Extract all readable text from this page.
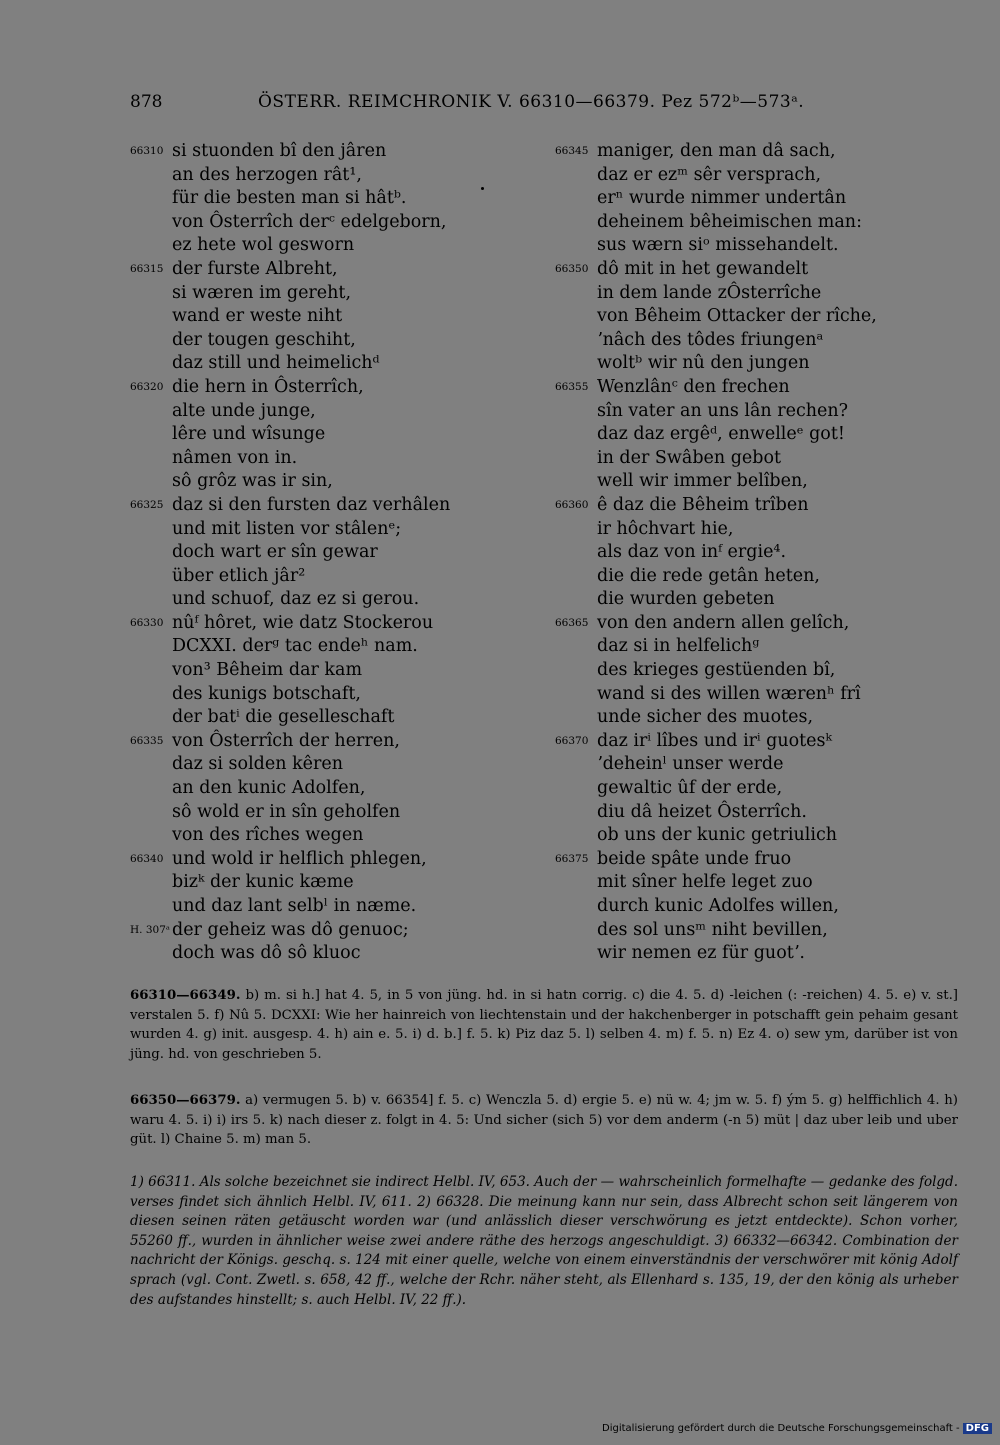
878	ÖSTERR. REIMCHRONIK V. 66310—66379. Pez 572ᵇ—573ᵃ.
66310 si stuonden bî den jâren
an des herzogen rât¹,
für die besten man si hâtᵇ.
von Ôsterrîch derᶜ edelgeborn,
ez hete wol gesworn
66315 der furste Albreht,
si wæren im gereht,
wand er weste niht
der tougen geschiht,
daz still und heimelichᵈ
66320 die hern in Ôsterrîch,
alte unde junge,
lêre und wîsunge
nâmen von in.
sô grôz was ir sin,
66325 daz si den fursten daz verhâlen
und mit listen vor stâlenᵉ;
doch wart er sîn gewar
über etlich jâr²
und schuof, daz ez si gerou.
66330 nûᶠ hôret, wie datz Stockerou
DCXXI. derᵍ tac endeʰ nam.
von³ Bêheim dar kam
des kunigs botschaft,
der batⁱ die geselleschaft
66335 von Ôsterrîch der herren,
daz si solden kêren
an den kunic Adolfen,
sô wold er in sîn geholfen
von des rîches wegen
66340 und wold ir helflich phlegen,
bizᵏ der kunic kæme
und daz lant selbˡ in næme.
H. 307ᵃ der geheiz was dô genuoc;
doch was dô sô kluoc
66345 maniger, den man dâ sach,
daz er ezᵐ sêr versprach,
erⁿ wurde nimmer undertân
deheinem bêheimischen man:
sus wærn siᵒ missehandelt.
66350 dô mit in het gewandelt
in dem lande zÔsterrîche
von Bêheim Ottacker der rîche,
ʼnâch des tôdes friungenᵃ
woltᵇ wir nû den jungen
66355 Wenzlânᶜ den frechen
sîn vater an uns lân rechen?
daz daz ergêᵈ, enwelleᵉ got!
in der Swâben gebot
well wir immer belîben,
66360 ê daz die Bêheim trîben
ir hôchvart hie,
als daz von inᶠ ergie⁴.
die die rede getân heten,
die wurden gebeten
66365 von den andern allen gelîch,
daz si in helfelichᵍ
des krieges gestüenden bî,
wand si des willen wærenʰ frî
unde sicher des muotes,
66370 daz irⁱ lîbes und irⁱ guotesᵏ
ʼdeheinˡ unser werde
gewaltic ûf der erde,
diu dâ heizet Ôsterrîch.
ob uns der kunic getriulich
66375 beide spâte unde fruo
mit sîner helfe leget zuo
durch kunic Adolfes willen,
des sol unsᵐ niht bevillen,
wir nemen ez für guotʼ.

66310—66349. b) m. si h.] hat 4. 5, in 5 von jüng. hd. in si hatn corrig. c) die 4. 5. d) -leichen (: -reichen) 4. 5. e) v. st.] verstalen 5. f) Nû 5. DCXXI: Wie her hainreich von liechtenstain und der hakchenberger in potschafft gein pehaim gesant wurden 4. g) init. ausgesp. 4. h) ain e. 5. i) d. b.] f. 5. k) Piz daz 5. l) selben 4. m) f. 5. n) Ez 4. o) sew ym, darüber ist von jüng. hd. von geschrieben 5.

66350—66379. a) vermugen 5. b) v. 66354] f. 5. c) Wenczla 5. d) ergie 5. e) nü w. 4; jm w. 5. f) ým 5. g) helffichlich 4. h) waru 4. 5. i) i) irs 5. k) nach dieser z. folgt in 4. 5: Und sicher (sich 5) vor dem anderm (-n 5) müt | daz uber leib und uber güt. l) Chaine 5. m) man 5.

1) 66311. Als solche bezeichnet sie indirect Helbl. IV, 653. Auch der — wahrscheinlich formelhafte — gedanke des folgd. verses findet sich ähnlich Helbl. IV, 611. 2) 66328. Die meinung kann nur sein, dass Albrecht schon seit längerem von diesen seinen räten getäuscht worden war (und anlässlich dieser verschwörung es jetzt entdeckte). Schon vorher, 55260 ff., wurden in ähnlicher weise zwei andere räthe des herzogs angeschuldigt. 3) 66332—66342. Combination der nachricht der Königs. geschq. s. 124 mit einer quelle, welche von einem einverständnis der verschwörer mit könig Adolf sprach (vgl. Cont. Zwetl. s. 658, 42 ff., welche der Rchr. näher steht, als Ellenhard s. 135, 19, der den könig als urheber des aufstandes hinstellt; s. auch Helbl. IV, 22 ff.).

Digitalisierung gefördert durch die Deutsche Forschungsgemeinschaft - DFG
